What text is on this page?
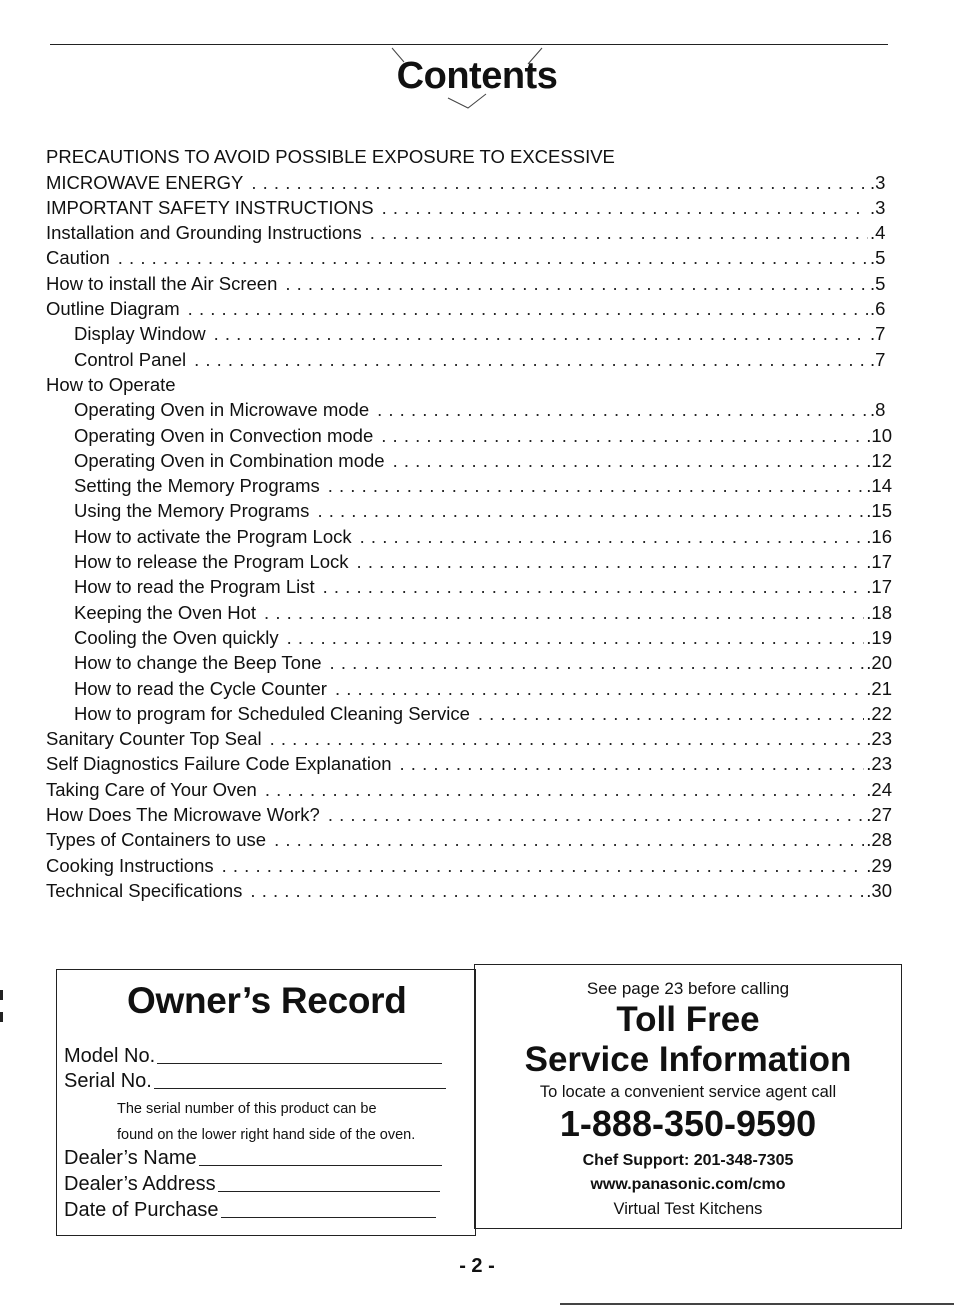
Contents
PRECAUTIONS TO AVOID POSSIBLE EXPOSURE TO EXCESSIVE
MICROWAVE ENERGY . . .	.3
IMPORTANT SAFETY INSTRUCTIONS . . .	.3
Installation and Grounding Instructions . . .	.4
Caution . . .	.5
How to install the Air Screen . . .	.5
Outline Diagram . . .	.6
Display Window . . .	.7
Control Panel . . .	.7
How to Operate
Operating Oven in Microwave mode . . .	.8
Operating Oven in Convection mode . . .	.10
Operating Oven in Combination mode . . .	.12
Setting the Memory Programs . . .	.14
Using the Memory Programs . . .	.15
How to activate the Program Lock . . .	.16
How to release the Program Lock . . .	.17
How to read the Program List . . .	.17
Keeping the Oven Hot . . .	.18
Cooling the Oven quickly . . .	.19
How to change the Beep Tone . . .	.20
How to read the Cycle Counter . . .	.21
How to program for Scheduled Cleaning Service . . .	.22
Sanitary Counter Top Seal . . .	.23
Self Diagnostics Failure Code Explanation . . .	.23
Taking Care of Your Oven . . .	.24
How Does The Microwave Work? . . .	.27
Types of Containers to use . . .	.28
Cooking Instructions . . .	.29
Technical Specifications . . .	.30
Owner’s Record
Model No.
Serial No.
The serial number of this product can be
found on the lower right hand side of the oven.
Dealer’s Name
Dealer’s Address
Date of Purchase
See page 23 before calling
Toll Free
Service Information
To locate a convenient service agent call
1-888-350-9590
Chef Support: 201-348-7305
www.panasonic.com/cmo
Virtual Test Kitchens
- 2 -
